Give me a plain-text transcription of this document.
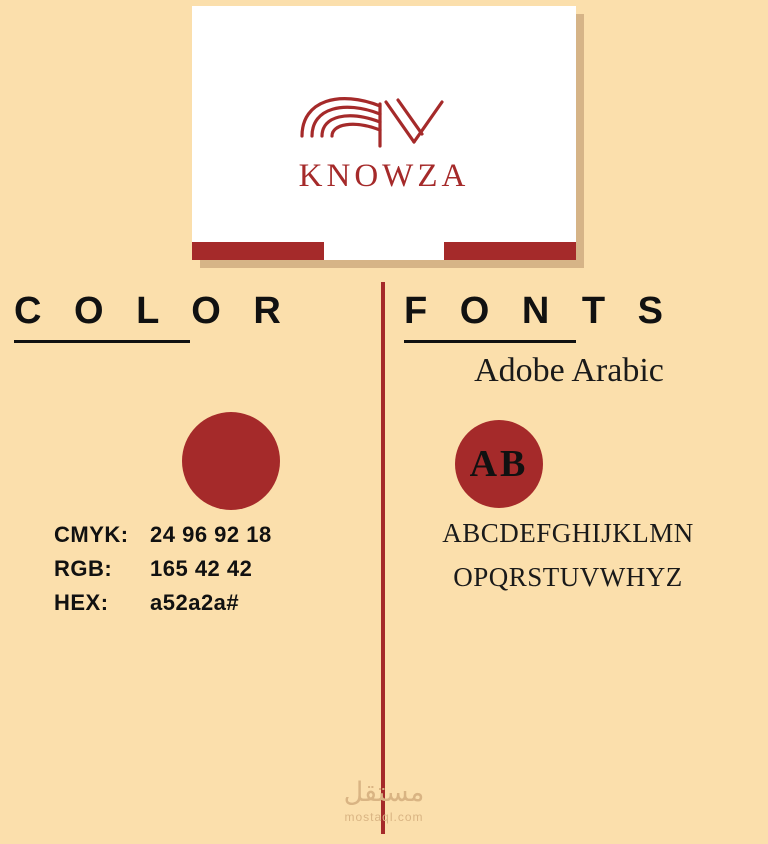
KNOWZA
C O L O R
CMYK: 24 96 92 18
RGB:	165 42 42
HEX:	a52a2a#
F O N T S
Adobe Arabic
AB
ABCDEFGHIJKLMN
OPQRSTUVWHYZ
مستقل
mostaql.com
